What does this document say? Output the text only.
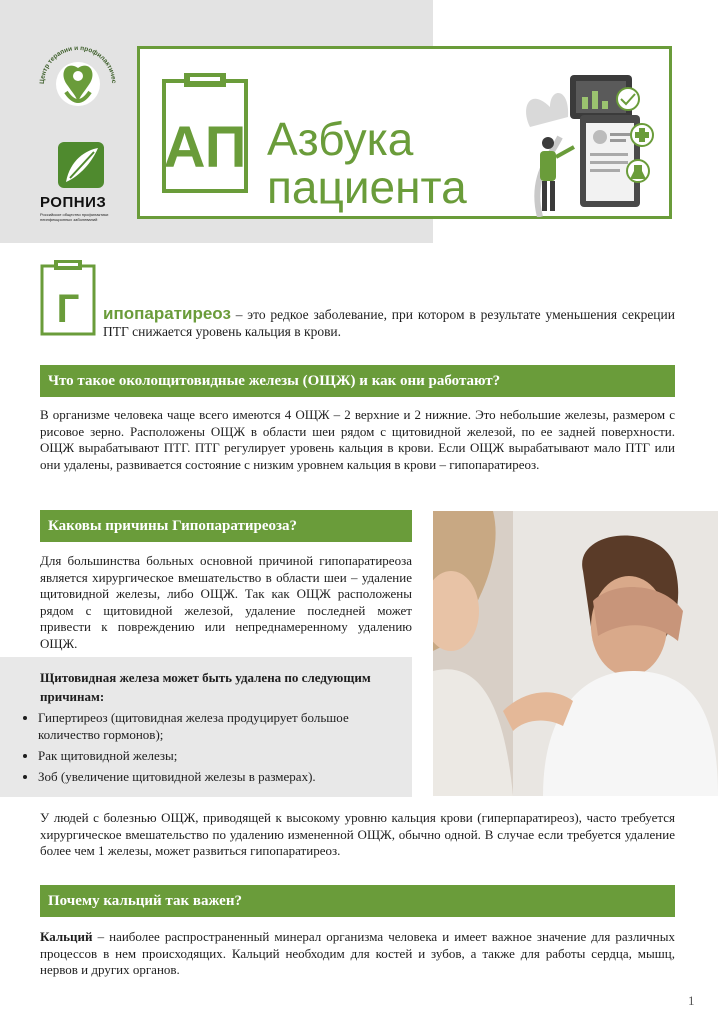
Центр терапии и профилактичес
РОПНИЗ
Российское общество профилактики неинфекционных заболеваний
АП Азбука
пациента
Г ипопаратиреоз – это редкое заболевание, при котором в результате уменьшения секреции ПТГ снижается уровень кальция в крови.
Что такое околощитовидные железы (ОЩЖ) и как они работают?
В организме человека чаще всего имеются 4 ОЩЖ – 2 верхние и 2 нижние. Это небольшие железы, размером с рисовое зерно. Расположены ОЩЖ в области шеи рядом с щитовидной железой, по ее задней поверхности. ОЩЖ вырабатывают ПТГ. ПТГ регулирует уровень кальция в крови. Если ОЩЖ вырабатывают мало ПТГ или они удалены, развивается состояние с низким уровнем кальция в крови – гипопаратиреоз.
Каковы причины Гипопаратиреоза?
Для большинства больных основной причиной гипопаратиреоза является хирургическое вмешательство в области шеи – удаление щитовидной железы, либо ОЩЖ. Так как ОЩЖ расположены рядом с щитовидной железой, удаление последней может привести к повреждению или непреднамеренному удалению ОЩЖ.
Щитовидная железа может быть удалена по следующим причинам:
• Гипертиреоз (щитовидная железа продуцирует большое количество гормонов);
• Рак щитовидной железы;
• Зоб (увеличение щитовидной железы в размерах).
У людей с болезнью ОЩЖ, приводящей к высокому уровню кальция крови (гиперпаратиреоз), часто требуется хирургическое вмешательство по удалению измененной ОЩЖ, обычно одной. В случае если требуется удаление более чем 1 железы, может развиться гипопаратиреоз.
Почему кальций так важен?
Кальций – наиболее распространенный минерал организма человека и имеет важное значение для различных процессов в нем происходящих. Кальций необходим для костей и зубов, а также для работы сердца, мышц, нервов и других органов.
1
